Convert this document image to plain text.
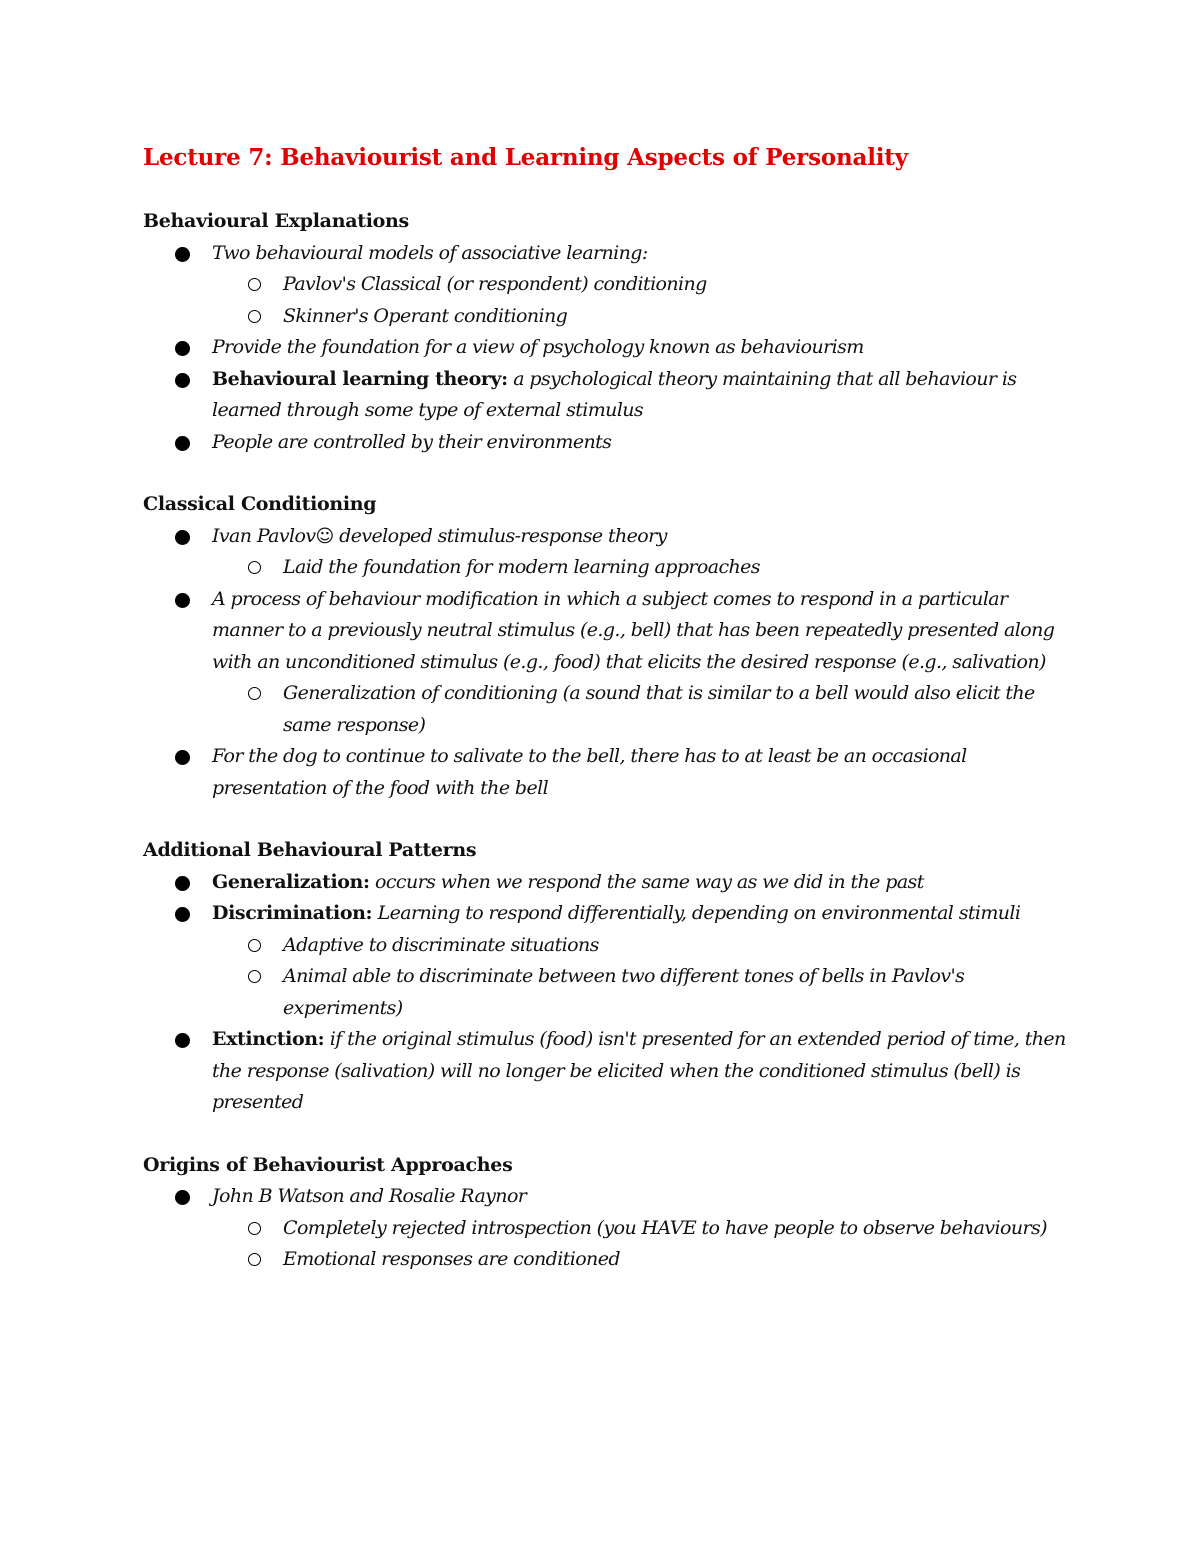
Lecture 7: Behaviourist and Learning Aspects of Personality
Behavioural Explanations
Two behavioural models of associative learning:
Pavlov's Classical (or respondent) conditioning
Skinner's Operant conditioning
Provide the foundation for a view of psychology known as behaviourism
Behavioural learning theory: a psychological theory maintaining that all behaviour is learned through some type of external stimulus
People are controlled by their environments
Classical Conditioning
Ivan Pavlov☺ developed stimulus-response theory
Laid the foundation for modern learning approaches
A process of behaviour modification in which a subject comes to respond in a particular manner to a previously neutral stimulus (e.g., bell) that has been repeatedly presented along with an unconditioned stimulus (e.g., food) that elicits the desired response (e.g., salivation)
Generalization of conditioning (a sound that is similar to a bell would also elicit the same response)
For the dog to continue to salivate to the bell, there has to at least be an occasional presentation of the food with the bell
Additional Behavioural Patterns
Generalization: occurs when we respond the same way as we did in the past
Discrimination: Learning to respond differentially, depending on environmental stimuli
Adaptive to discriminate situations
Animal able to discriminate between two different tones of bells in Pavlov's experiments)
Extinction: if the original stimulus (food) isn't presented for an extended period of time, then the response (salivation) will no longer be elicited when the conditioned stimulus (bell) is presented
Origins of Behaviourist Approaches
John B Watson and Rosalie Raynor
Completely rejected introspection (you HAVE to have people to observe behaviours)
Emotional responses are conditioned
